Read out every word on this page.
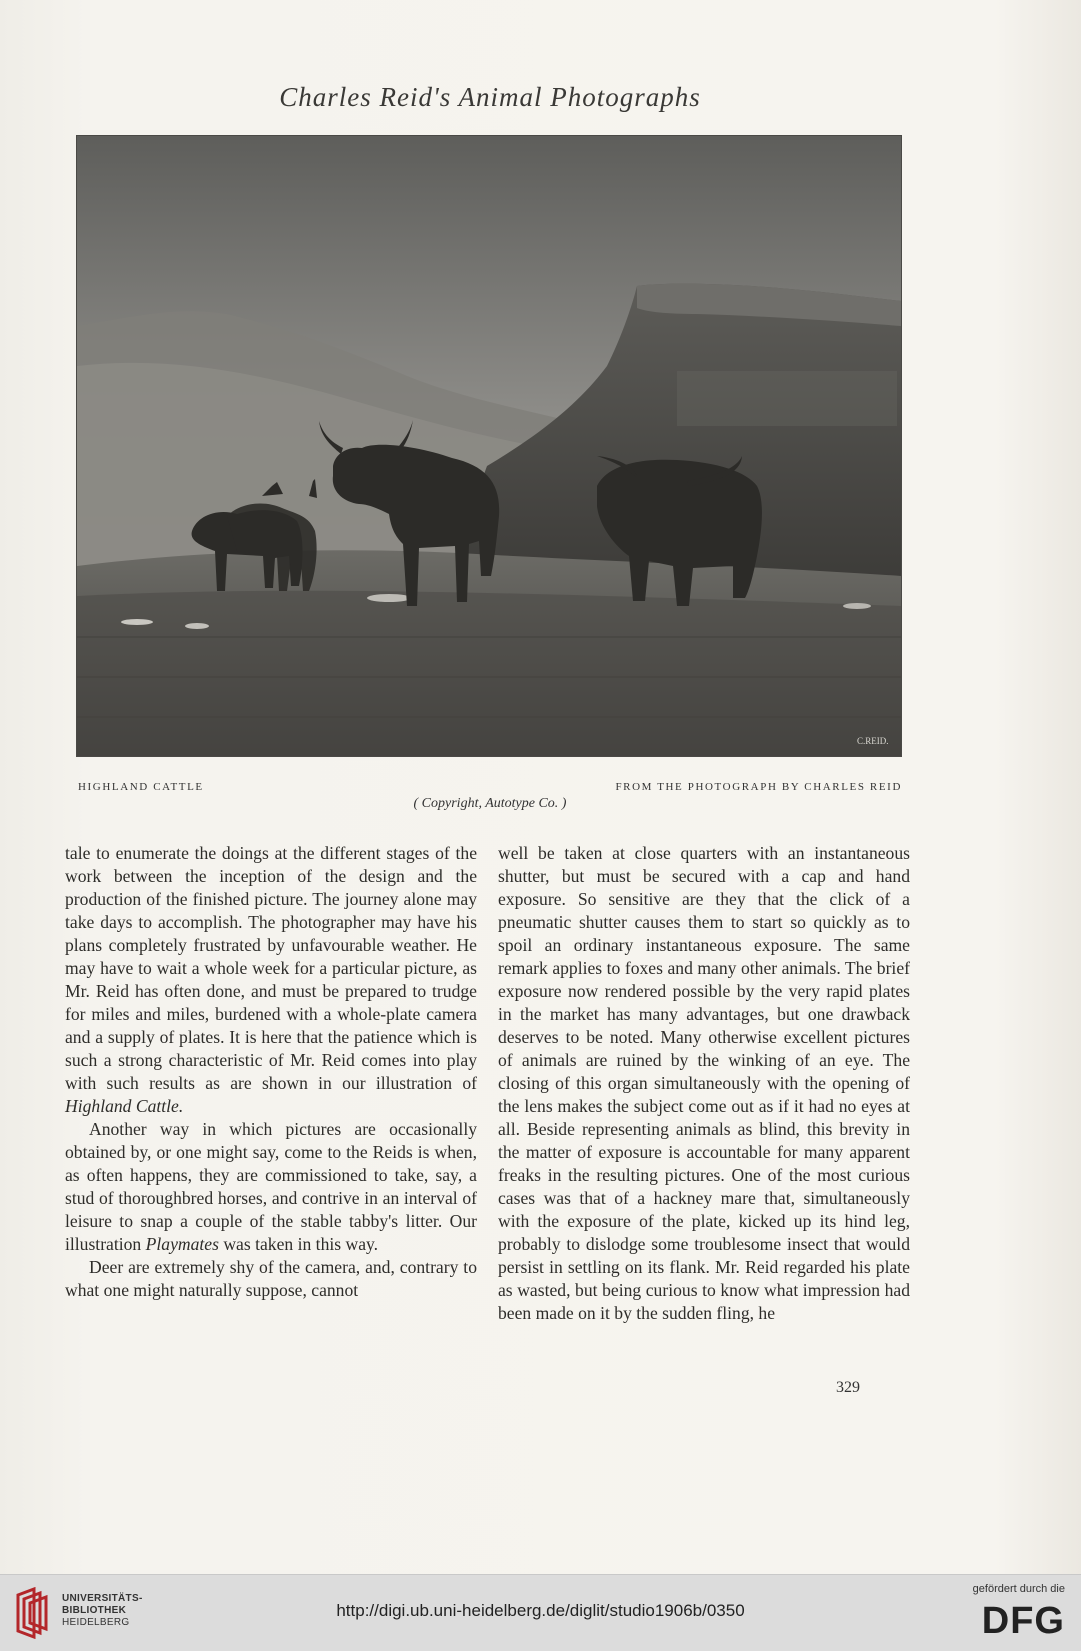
Charles Reid's Animal Photographs
C.REID.
HIGHLAND CATTLE	FROM THE PHOTOGRAPH BY CHARLES REID
( Copyright, Autotype Co. )

tale to enumerate the doings at the different stages of the work between the inception of the design and the production of the finished picture. The journey alone may take days to accomplish. The photographer may have his plans completely frustrated by unfavourable weather. He may have to wait a whole week for a particular picture, as Mr. Reid has often done, and must be prepared to trudge for miles and miles, burdened with a whole-plate camera and a supply of plates. It is here that the patience which is such a strong characteristic of Mr. Reid comes into play with such results as are shown in our illustration of Highland Cattle.

Another way in which pictures are occasionally obtained by, or one might say, come to the Reids is when, as often happens, they are commissioned to take, say, a stud of thoroughbred horses, and contrive in an interval of leisure to snap a couple of the stable tabby's litter. Our illustration Playmates was taken in this way.

Deer are extremely shy of the camera, and, contrary to what one might naturally suppose, cannot

well be taken at close quarters with an instantaneous shutter, but must be secured with a cap and hand exposure. So sensitive are they that the click of a pneumatic shutter causes them to start so quickly as to spoil an ordinary instantaneous exposure. The same remark applies to foxes and many other animals. The brief exposure now rendered possible by the very rapid plates in the market has many advantages, but one drawback deserves to be noted. Many otherwise excellent pictures of animals are ruined by the winking of an eye. The closing of this organ simultaneously with the opening of the lens makes the subject come out as if it had no eyes at all. Beside representing animals as blind, this brevity in the matter of exposure is accountable for many apparent freaks in the resulting pictures. One of the most curious cases was that of a hackney mare that, simultaneously with the exposure of the plate, kicked up its hind leg, probably to dislodge some troublesome insect that would persist in settling on its flank. Mr. Reid regarded his plate as wasted, but being curious to know what impression had been made on it by the sudden fling, he

329
UNIVERSITÄTS-
BIBLIOTHEK
HEIDELBERG
http://digi.ub.uni-heidelberg.de/diglit/studio1906b/0350
gefördert durch die
DFG
